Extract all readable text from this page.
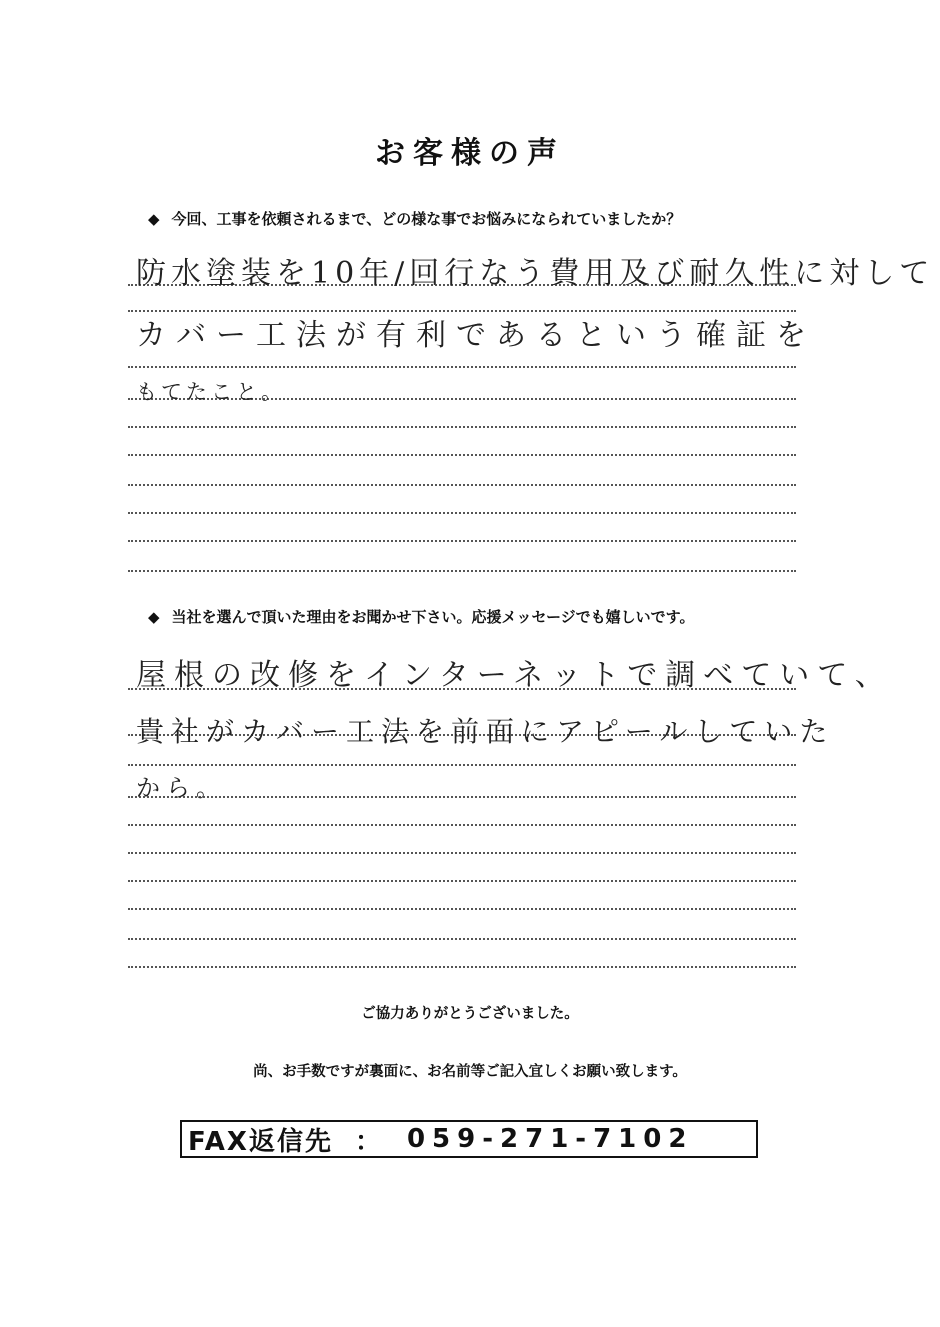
お客様の声
◆ 今回、工事を依頼されるまで、どの様な事でお悩みになられていましたか？
防水塗装を10年/回行なう費用及び耐久性に対して
カバー工法が有利であるという確証を
もてたこと。
◆ 当社を選んで頂いた理由をお聞かせ下さい。応援メッセージでも嬉しいです。
屋根の改修をインターネットで調べていて、
貴社がカバー工法を前面にアピールしていた
から。
ご協力ありがとうございました。
尚、お手数ですが裏面に、お名前等ご記入宜しくお願い致します。
FAX返信先 ： 059-271-7102
